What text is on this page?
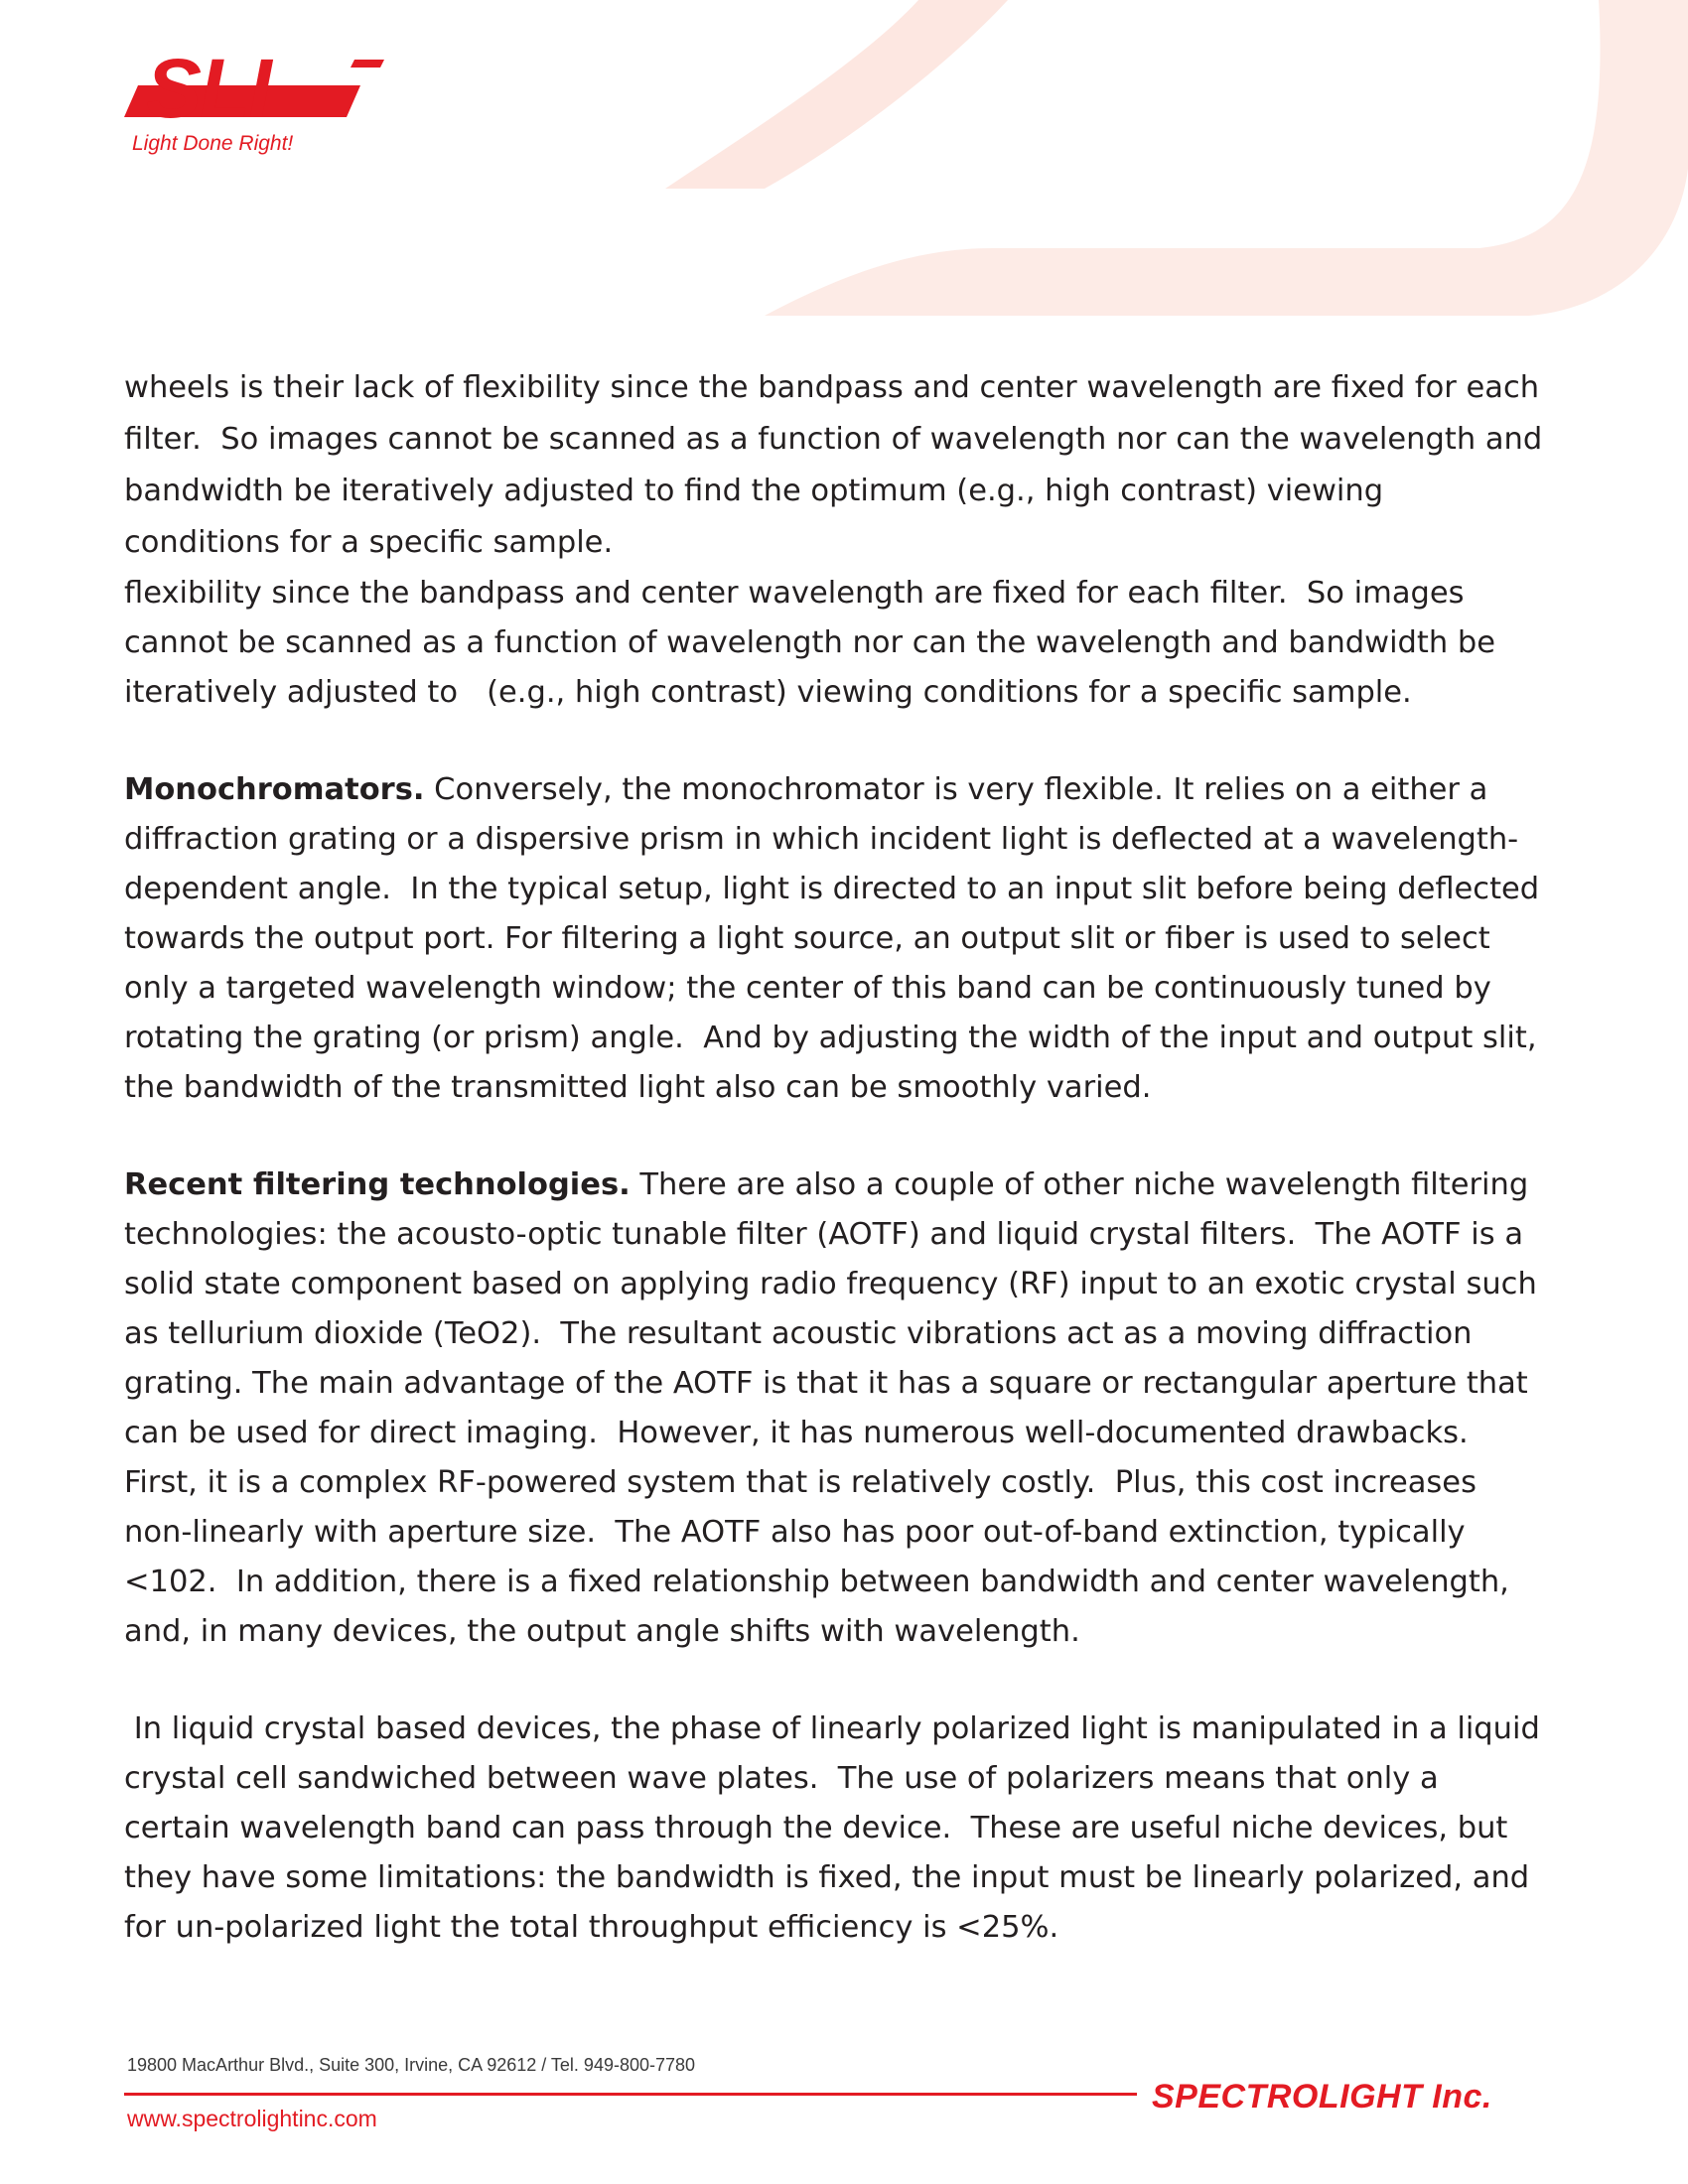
SLI
Light Done Right!

wheels is their lack of flexibility since the bandpass and center wavelength are fixed for each filter.  So images cannot be scanned as a function of wavelength nor can the wavelength and bandwidth be iteratively adjusted to find the optimum (e.g., high contrast) viewing conditions for a specific sample.

flexibility since the bandpass and center wavelength are fixed for each filter.  So images cannot be scanned as a function of wavelength nor can the wavelength and bandwidth be iteratively adjusted to   (e.g., high contrast) viewing conditions for a specific sample.

Monochromators. Conversely, the monochromator is very flexible. It relies on a either a diffraction grating or a dispersive prism in which incident light is deflected at a wavelength-dependent angle.  In the typical setup, light is directed to an input slit before being deflected towards the output port. For filtering a light source, an output slit or fiber is used to select only a targeted wavelength window; the center of this band can be continuously tuned by rotating the grating (or prism) angle.  And by adjusting the width of the input and output slit, the bandwidth of the transmitted light also can be smoothly varied.

Recent filtering technologies. There are also a couple of other niche wavelength filtering technologies: the acousto-optic tunable filter (AOTF) and liquid crystal filters.  The AOTF is a solid state component based on applying radio frequency (RF) input to an exotic crystal such as tellurium dioxide (TeO2).  The resultant acoustic vibrations act as a moving diffraction grating. The main advantage of the AOTF is that it has a square or rectangular aperture that can be used for direct imaging.  However, it has numerous well-documented drawbacks. First, it is a complex RF-powered system that is relatively costly.  Plus, this cost increases non-linearly with aperture size.  The AOTF also has poor out-of-band extinction, typically <102.  In addition, there is a fixed relationship between bandwidth and center wavelength, and, in many devices, the output angle shifts with wavelength.

In liquid crystal based devices, the phase of linearly polarized light is manipulated in a liquid crystal cell sandwiched between wave plates.  The use of polarizers means that only a certain wavelength band can pass through the device.  These are useful niche devices, but they have some limitations: the bandwidth is fixed, the input must be linearly polarized, and for un-polarized light the total throughput efficiency is <25%.

19800 MacArthur Blvd., Suite 300, Irvine, CA 92612 / Tel. 949-800-7780
www.spectrolightinc.com
SPECTROLIGHT Inc.
